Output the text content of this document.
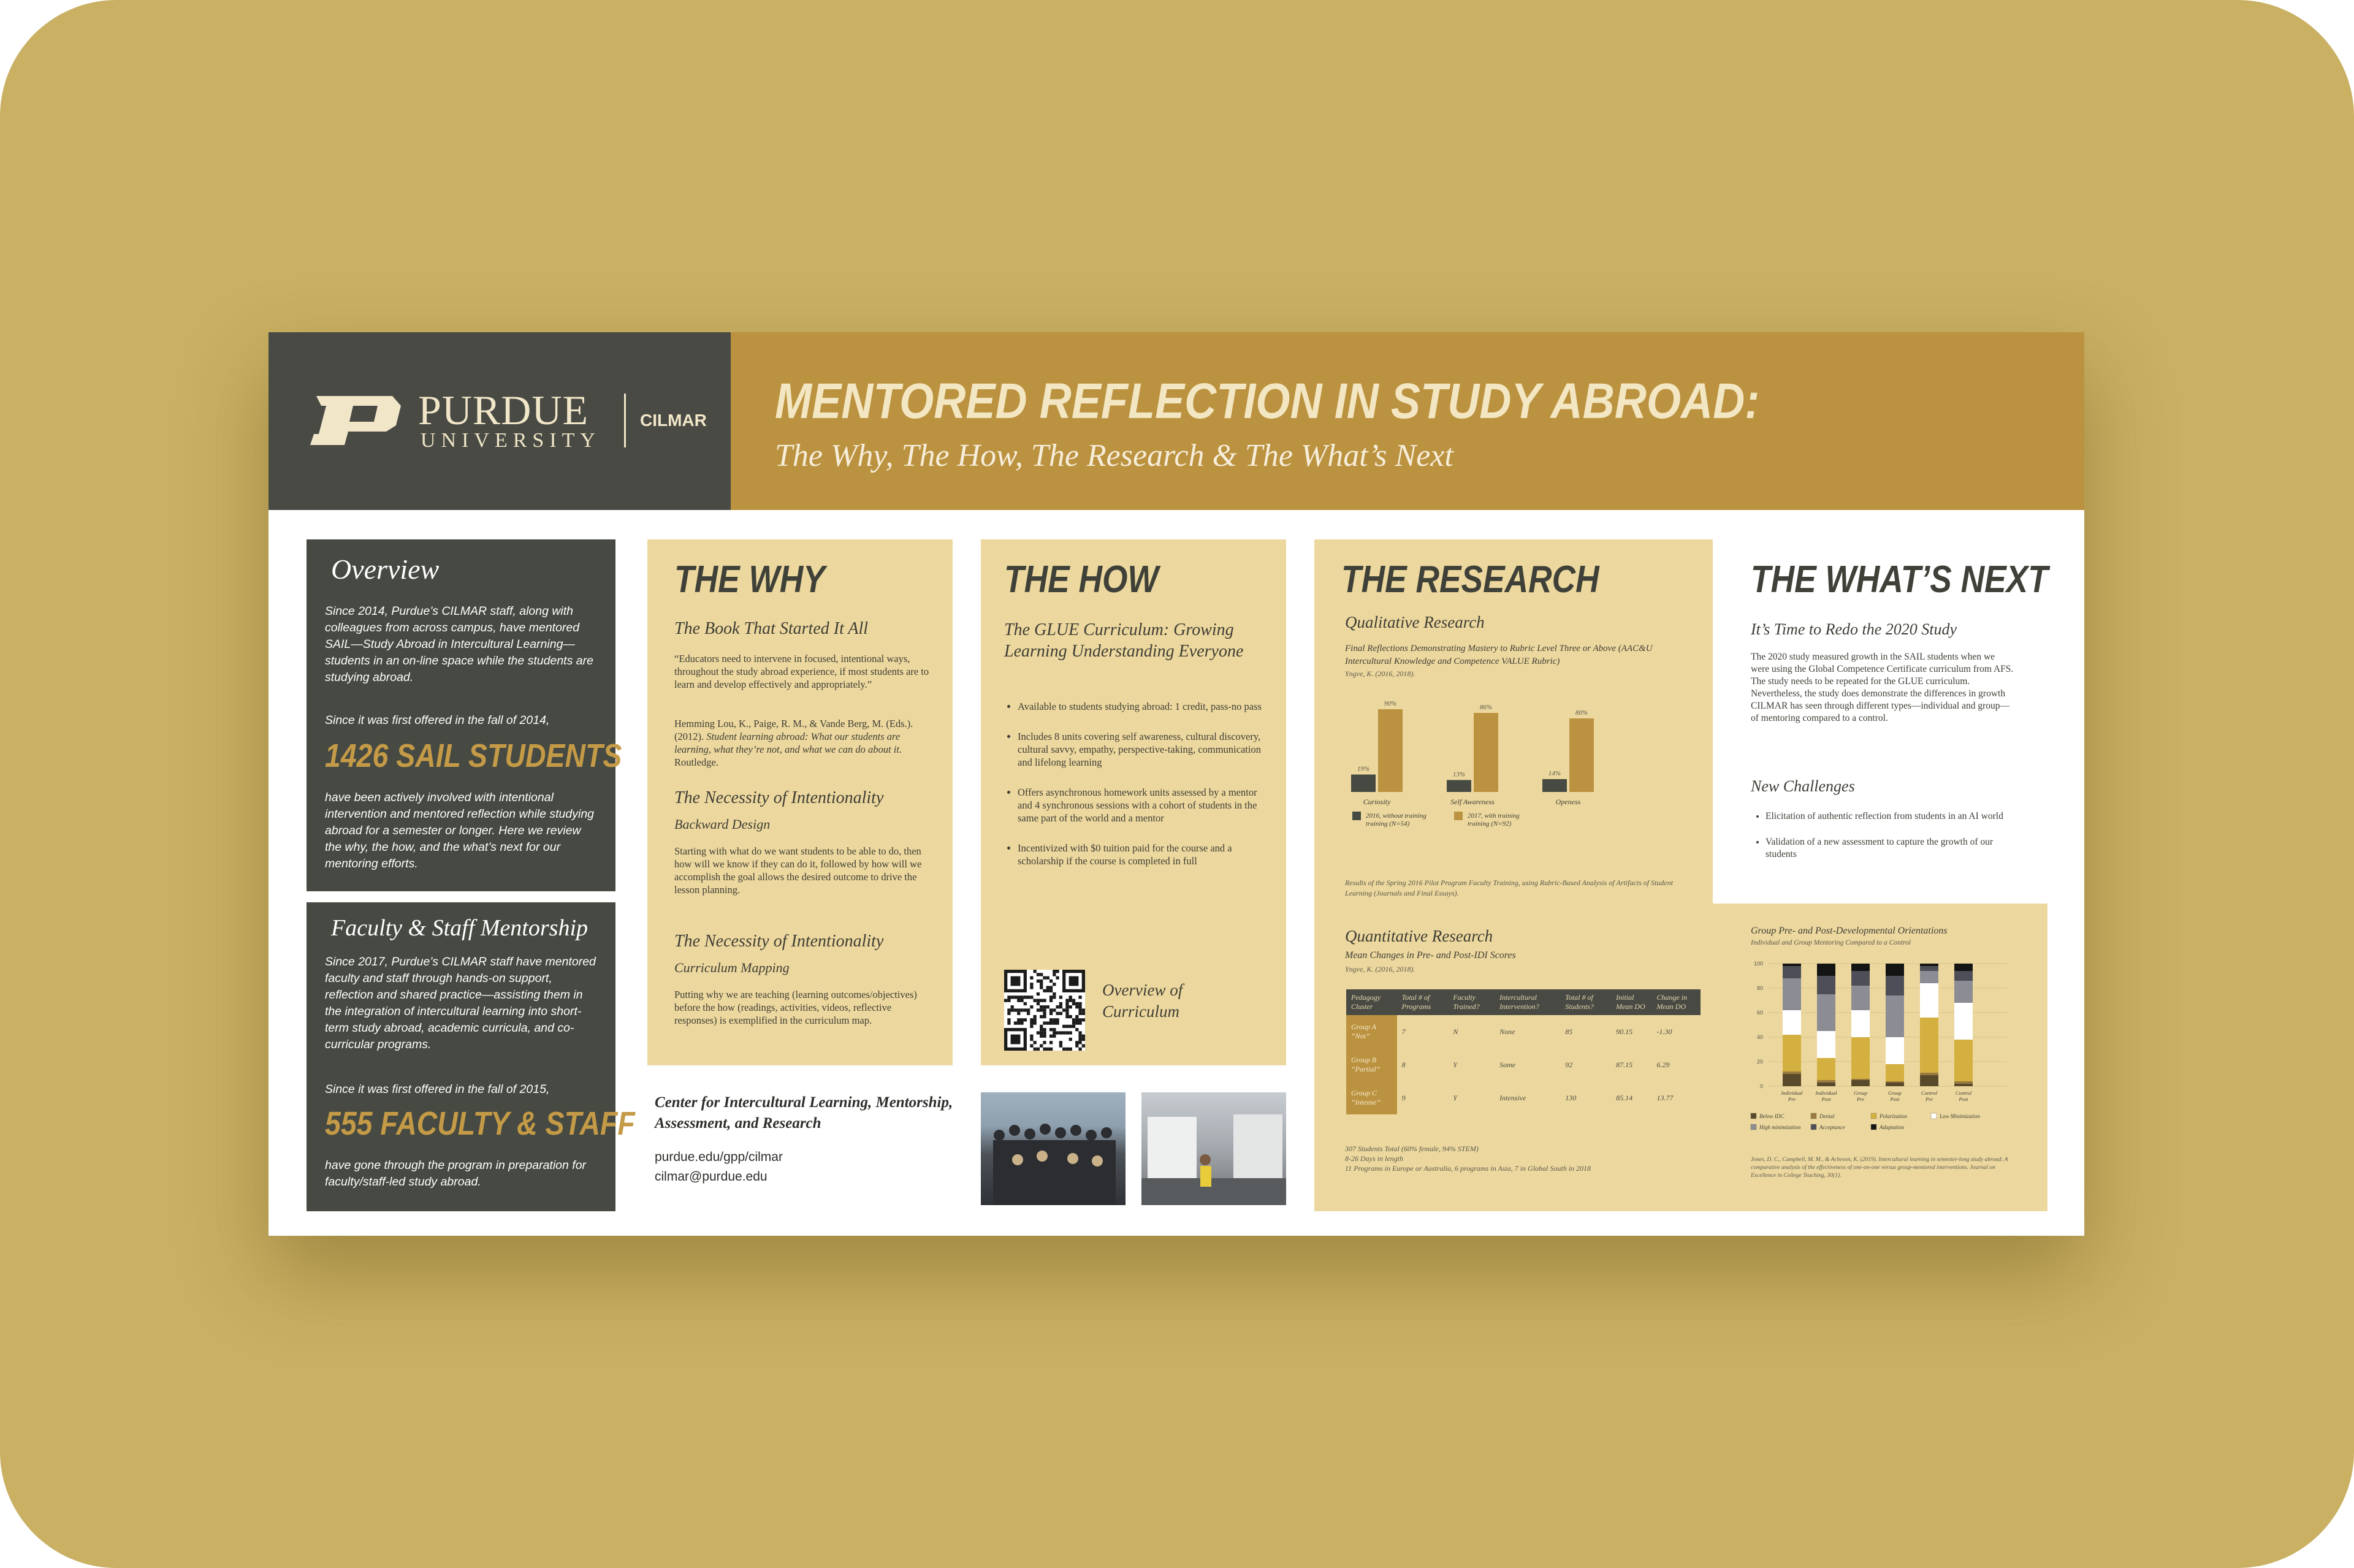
PURDUE
UNIVERSITY
CILMAR MENTORED REFLECTION IN STUDY ABROAD:
The Why, The How, The Research & The What’s Next
Overview
Since 2014, Purdue’s CILMAR staff, along with colleagues from across campus, have mentored SAIL—Study Abroad in Intercultural Learning—students in an on-line space while the students are studying abroad.
Since it was first offered in the fall of 2014,
1426 SAIL STUDENTS
have been actively involved with intentional intervention and mentored reflection while studying abroad for a semester or longer. Here we review the why, the how, and the what’s next for our mentoring efforts.
Faculty & Staff Mentorship
Since 2017, Purdue’s CILMAR staff have mentored faculty and staff through hands-on support, reflection and shared practice—assisting them in the integration of intercultural learning into short-term study abroad, academic curricula, and co-curricular programs.
Since it was first offered in the fall of 2015,
555 FACULTY & STAFF
have gone through the program in preparation for faculty/staff-led study abroad.
THE WHY
The Book That Started It All
“Educators need to intervene in focused, intentional ways, throughout the study abroad experience, if most students are to learn and develop effectively and appropriately.”
Hemming Lou, K., Paige, R. M., & Vande Berg, M. (Eds.). (2012). Student learning abroad: What our students are learning, what they’re not, and what we can do about it. Routledge.
The Necessity of Intentionality
Backward Design
Starting with what do we want students to be able to do, then how will we know if they can do it, followed by how will we accomplish the goal allows the desired outcome to drive the lesson planning.
The Necessity of Intentionality
Curriculum Mapping
Putting why we are teaching (learning outcomes/objectives) before the how (readings, activities, videos, reflective responses) is exemplified in the curriculum map.
THE HOW
The GLUE Curriculum: Growing Learning Understanding Everyone
• Available to students studying abroad: 1 credit, pass-no pass
• Includes 8 units covering self awareness, cultural discovery, cultural savvy, empathy, perspective-taking, communication and lifelong learning
• Offers asynchronous homework units assessed by a mentor and 4 synchronous sessions with a cohort of students in the same part of the world and a mentor
• Incentivized with $0 tuition paid for the course and a scholarship if the course is completed in full
Overview of Curriculum
Center for Intercultural Learning, Mentorship, Assessment, and Research
purdue.edu/gpp/cilmar
cilmar@purdue.edu
THE RESEARCH
Qualitative Research
Final Reflections Demonstrating Mastery to Rubric Level Three or Above (AAC&U Intercultural Knowledge and Competence VALUE Rubric)
Yngve, K. (2016, 2018).
19%
90%
Curiosity
13%
86%
Self Awareness
14%
80%
Openess
2016, without training training (N=54)
2017, with training training (N=92)
Results of the Spring 2016 Pilot Program Faculty Training, using Rubric-Based Analysis of Artifacts of Student Learning (Journals and Final Essays).
Quantitative Research
Mean Changes in Pre- and Post-IDI Scores
Yngve, K. (2016, 2018).
Pedagogy Cluster	Total # of Programs	Faculty Trained?	Intercultural Intervention?	Total # of Students?	Initial Mean DO	Change in Mean DO
Group A “Not”	7	N	None	85	90.15	-1.30
Group B “Partial”	8	Y	Some	92	87.15	6.29
Group C “Intense”	9	Y	Intensive	130	85.14	13.77
307 Students Total (60% female, 94% STEM)
8-26 Days in length
11 Programs in Europe or Australia, 6 programs in Asia, 7 in Global South in 2018
THE WHAT’S NEXT
It’s Time to Redo the 2020 Study
The 2020 study measured growth in the SAIL students when we were using the Global Competence Certificate curriculum from AFS. The study needs to be repeated for the GLUE curriculum. Nevertheless, the study does demonstrate the differences in growth CILMAR has seen through different types—individual and group—of mentoring compared to a control.
New Challenges
• Elicitation of authentic reflection from students in an AI world
• Validation of a new assessment to capture the growth of our students
Group Pre- and Post-Developmental Orientations
Individual and Group Mentoring Compared to a Control
0
20
40
60
80
100
Individual Pre
Individual Post
Group Pre
Group Post
Control Pre
Control Post
Below IDC	Denial	Polarization	Low Minimization
High minimization	Acceptance	Adaptation
Jones, D. C., Campbell, M. M., & Acheson, K. (2019). Intercultural learning in semester-long study abroad: A comparative analysis of the effectiveness of one-on-one versus group-mentored interventions. Journal on Excellence in College Teaching, 30(1).
